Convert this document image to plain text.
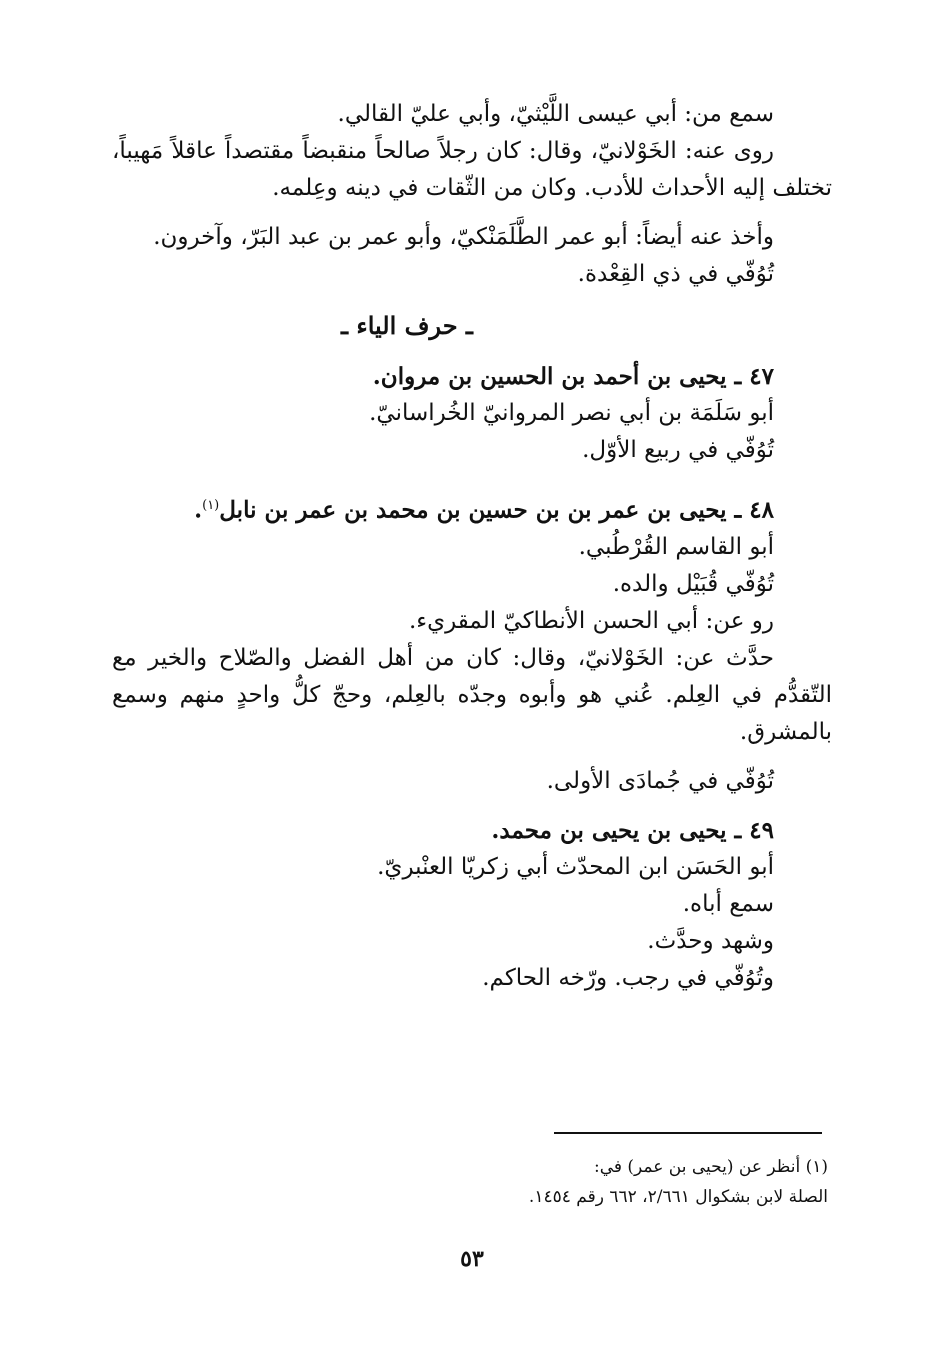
سمع من: أبي عيسى اللَّيْثيّ، وأبي عليّ القالي.
روى عنه: الخَوْلانيّ، وقال: كان رجلاً صالحاً منقبضاً مقتصداً عاقلاً مَهيباً، تختلف إليه الأحداث للأدب. وكان من الثّقات في دينه وعِلمه.
وأخذ عنه أيضاً: أبو عمر الطَّلَمَنْكيّ، وأبو عمر بن عبد البَرّ، وآخرون.
تُوُفّي في ذي القِعْدة.
ـ حرف الياء ـ
٤٧ ـ يحيى بن أحمد بن الحسين بن مروان.
أبو سَلَمَة بن أبي نصر المروانيّ الخُراسانيّ.
تُوُفّي في ربيع الأوّل.
٤٨ ـ يحيى بن عمر بن بن حسين بن محمد بن عمر بن نابل$^{(١)}$.
أبو القاسم القُرْطُبي.
تُوُفّي قُبَيْل والده.
رو عن: أبي الحسن الأنطاكيّ المقريء.
حدَّث عن: الخَوْلانيّ، وقال: كان من أهل الفضل والصّلاح والخير مع التّقدُّم في العِلم. عُني هو وأبوه وجدّه بالعِلم، وحجّ كلُّ واحدٍ منهم وسمع بالمشرق.
تُوُفّي في جُمادَى الأولى.
٤٩ ـ يحيى بن يحيى بن محمد.
أبو الحَسَن ابن المحدّث أبي زكريّا العنْبريّ.
سمع أباه.
وشهد وحدَّث.
وتُوُفّي في رجب. ورّخه الحاكم.
(١) أنظر عن (يحيى بن عمر) في:
الصلة لابن بشكوال ٢/٦٦١، ٦٦٢ رقم ١٤٥٤.
٥٣
